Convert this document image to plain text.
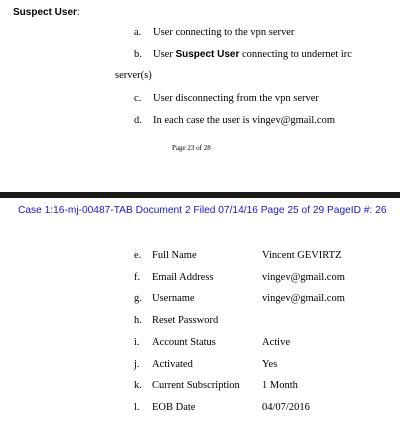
Suspect User:
a. User connecting to the vpn server
b. User Suspect User connecting to undernet irc
server(s)
c. User disconnecting from the vpn server
d. In each case the user is vingev@gmail.com
Page 23 of 28
Case 1:16-mj-00487-TAB Document 2 Filed 07/14/16 Page 25 of 29 PageID #: 26
e. Full Name	Vincent GEVIRTZ
f. Email Address	vingev@gmail.com
g. Username	vingev@gmail.com
h. Reset Password
i. Account Status	Active
j. Activated	Yes
k. Current Subscription 1 Month
l. EOB Date	04/07/2016
